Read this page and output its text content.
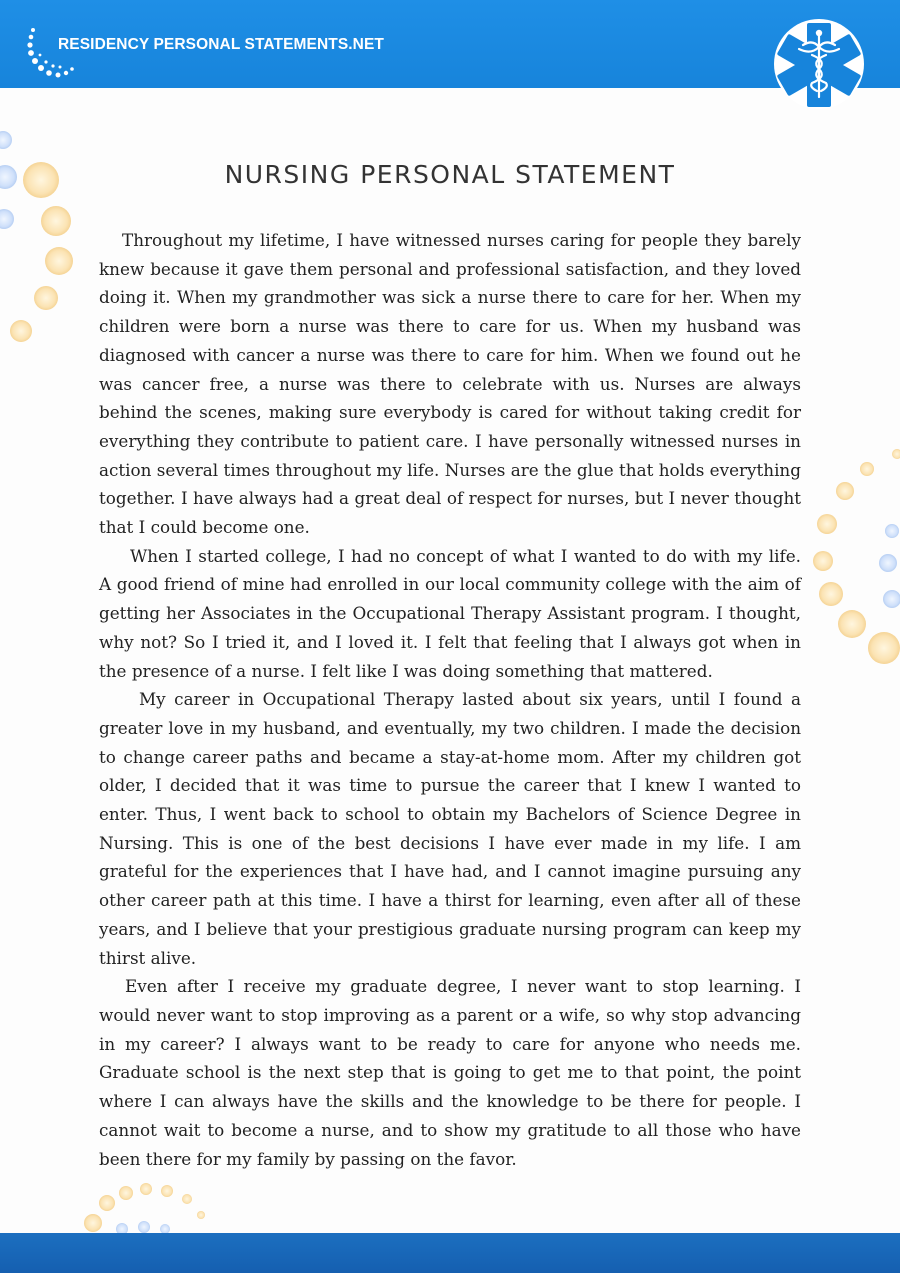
RESIDENCY PERSONAL STATEMENTS.NET
NURSING PERSONAL STATEMENT

Throughout my lifetime, I have witnessed nurses caring for people they barely knew because it gave them personal and professional satisfaction, and they loved doing it. When my grandmother was sick a nurse there to care for her. When my children were born a nurse was there to care for us. When my husband was diagnosed with cancer a nurse was there to care for him. When we found out he was cancer free, a nurse was there to celebrate with us. Nurses are always behind the scenes, making sure everybody is cared for without taking credit for everything they contribute to patient care. I have personally witnessed nurses in action several times throughout my life. Nurses are the glue that holds everything together. I have always had a great deal of respect for nurses, but I never thought that I could become one.

When I started college, I had no concept of what I wanted to do with my life. A good friend of mine had enrolled in our local community college with the aim of getting her Associates in the Occupational Therapy Assistant program. I thought, why not? So I tried it, and I loved it. I felt that feeling that I always got when in the presence of a nurse. I felt like I was doing something that mattered.

My career in Occupational Therapy lasted about six years, until I found a greater love in my husband, and eventually, my two children. I made the decision to change career paths and became a stay-at-home mom. After my children got older, I decided that it was time to pursue the career that I knew I wanted to enter. Thus, I went back to school to obtain my Bachelors of Science Degree in Nursing. This is one of the best decisions I have ever made in my life. I am grateful for the experiences that I have had, and I cannot imagine pursuing any other career path at this time. I have a thirst for learning, even after all of these years, and I believe that your prestigious graduate nursing program can keep my thirst alive.

Even after I receive my graduate degree, I never want to stop learning. I would never want to stop improving as a parent or a wife, so why stop advancing in my career? I always want to be ready to care for anyone who needs me. Graduate school is the next step that is going to get me to that point, the point where I can always have the skills and the knowledge to be there for people. I cannot wait to become a nurse, and to show my gratitude to all those who have been there for my family by passing on the favor.
